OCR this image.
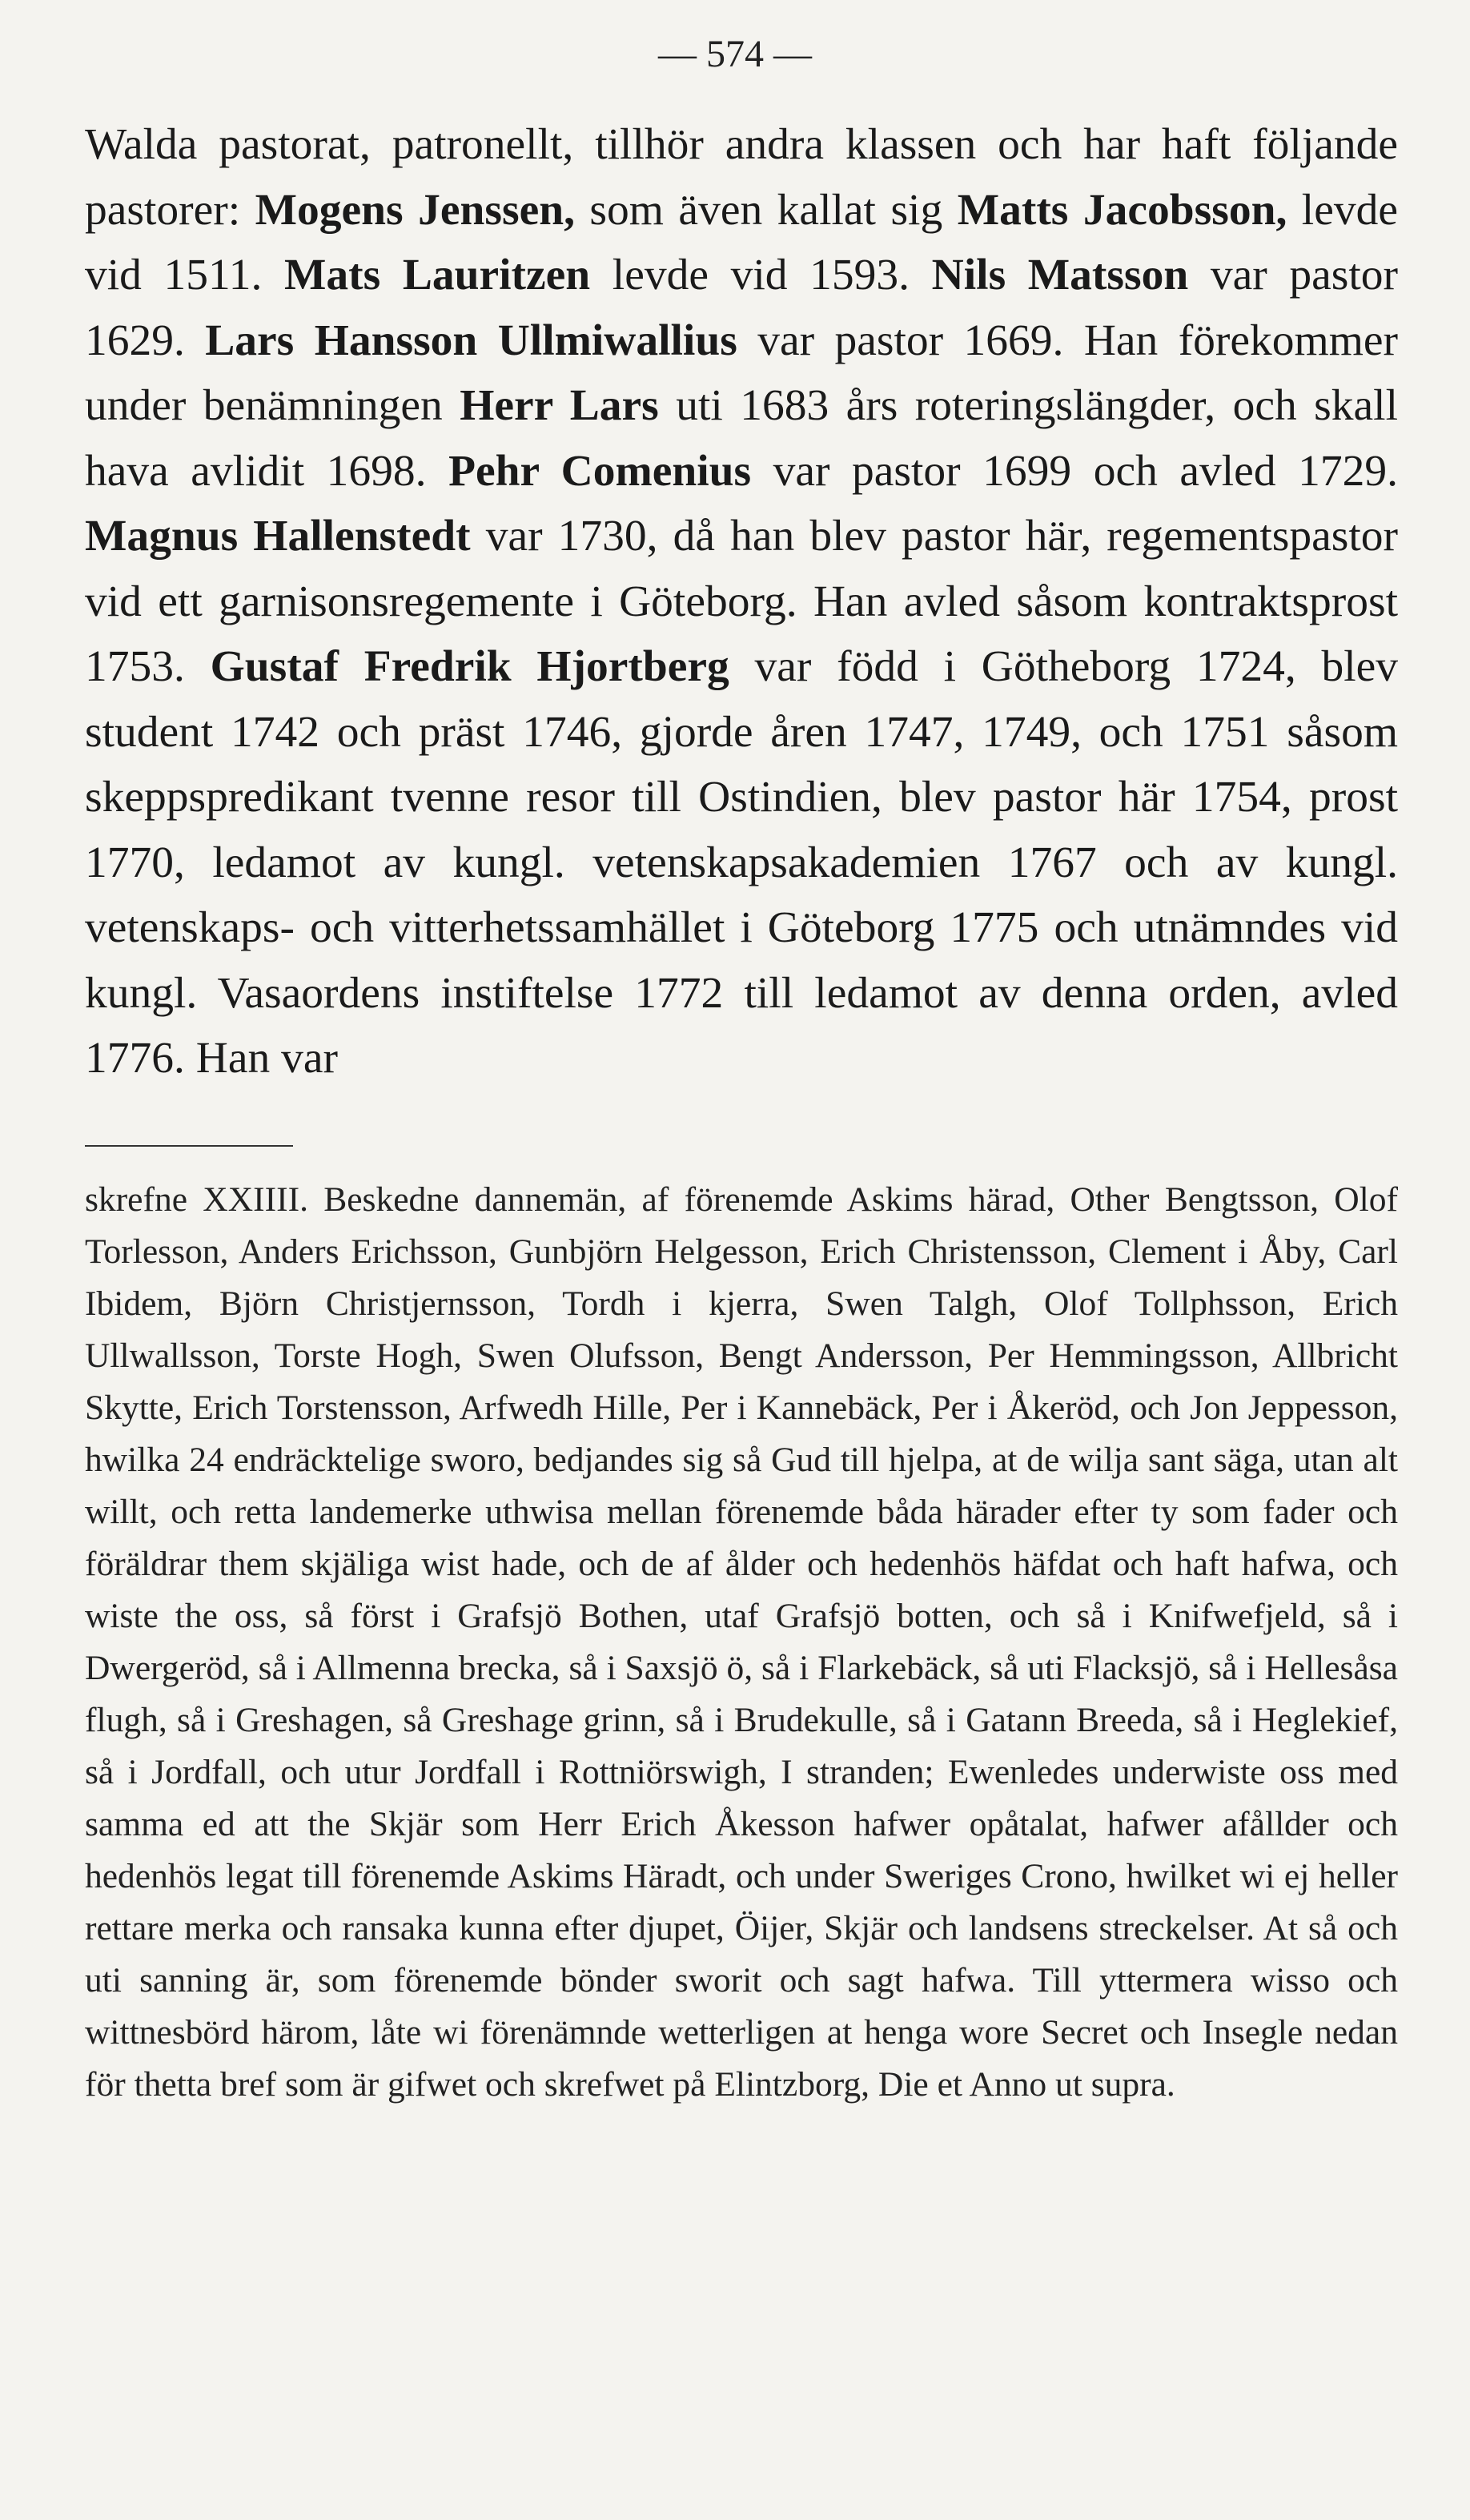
— 574 —

Walda pastorat, patronellt, tillhör andra klassen och har haft följande pastorer: Mogens Jenssen, som även kallat sig Matts Jacobsson, levde vid 1511. Mats Lauritzen levde vid 1593. Nils Matsson var pastor 1629. Lars Hansson Ullmiwallius var pastor 1669. Han förekommer under benämningen Herr Lars uti 1683 års roteringslängder, och skall hava avlidit 1698. Pehr Comenius var pastor 1699 och avled 1729. Magnus Hallenstedt var 1730, då han blev pastor här, regementspastor vid ett garnisonsregemente i Göteborg. Han avled såsom kontraktsprost 1753. Gustaf Fredrik Hjortberg var född i Götheborg 1724, blev student 1742 och präst 1746, gjorde åren 1747, 1749, och 1751 såsom skeppspredikant tvenne resor till Ostindien, blev pastor här 1754, prost 1770, ledamot av kungl. vetenskapsakademien 1767 och av kungl. vetenskaps- och vitterhetssamhället i Göteborg 1775 och utnämndes vid kungl. Vasaordens instiftelse 1772 till ledamot av denna orden, avled 1776. Han var

skrefne XXIIII. Beskedne dannemän, af förenemde Askims härad, Other Bengtsson, Olof Torlesson, Anders Erichsson, Gunbjörn Helgesson, Erich Christensson, Clement i Åby, Carl Ibidem, Björn Christjernsson, Tordh i kjerra, Swen Talgh, Olof Tollphsson, Erich Ullwallsson, Torste Hogh, Swen Olufsson, Bengt Andersson, Per Hemmingsson, Allbricht Skytte, Erich Torstensson, Arfwedh Hille, Per i Kannebäck, Per i Åkeröd, och Jon Jeppesson, hwilka 24 endräcktelige sworo, bedjandes sig så Gud till hjelpa, at de wilja sant säga, utan alt willt, och retta landemerke uthwisa mellan förenemde båda härader efter ty som fader och föräldrar them skjäliga wist hade, och de af ålder och hedenhös häfdat och haft hafwa, och wiste the oss, så först i Grafsjö Bothen, utaf Grafsjö botten, och så i Knifwefjeld, så i Dwergeröd, så i Allmenna brecka, så i Saxsjö ö, så i Flarkebäck, så uti Flacksjö, så i Hellesåsa flugh, så i Greshagen, så Greshage grinn, så i Brudekulle, så i Gatann Breeda, så i Heglekief, så i Jordfall, och utur Jordfall i Rottniörswigh, I stranden; Ewenledes underwiste oss med samma ed att the Skjär som Herr Erich Åkesson hafwer opåtalat, hafwer afållder och hedenhös legat till förenemde Askims Häradt, och under Sweriges Crono, hwilket wi ej heller rettare merka och ransaka kunna efter djupet, Öijer, Skjär och landsens streckelser. At så och uti sanning är, som förenemde bönder sworit och sagt hafwa. Till yttermera wisso och wittnesbörd härom, låte wi förenämnde wetterligen at henga wore Secret och Insegle nedan för thetta bref som är gifwet och skrefwet på Elintzborg, Die et Anno ut supra.
